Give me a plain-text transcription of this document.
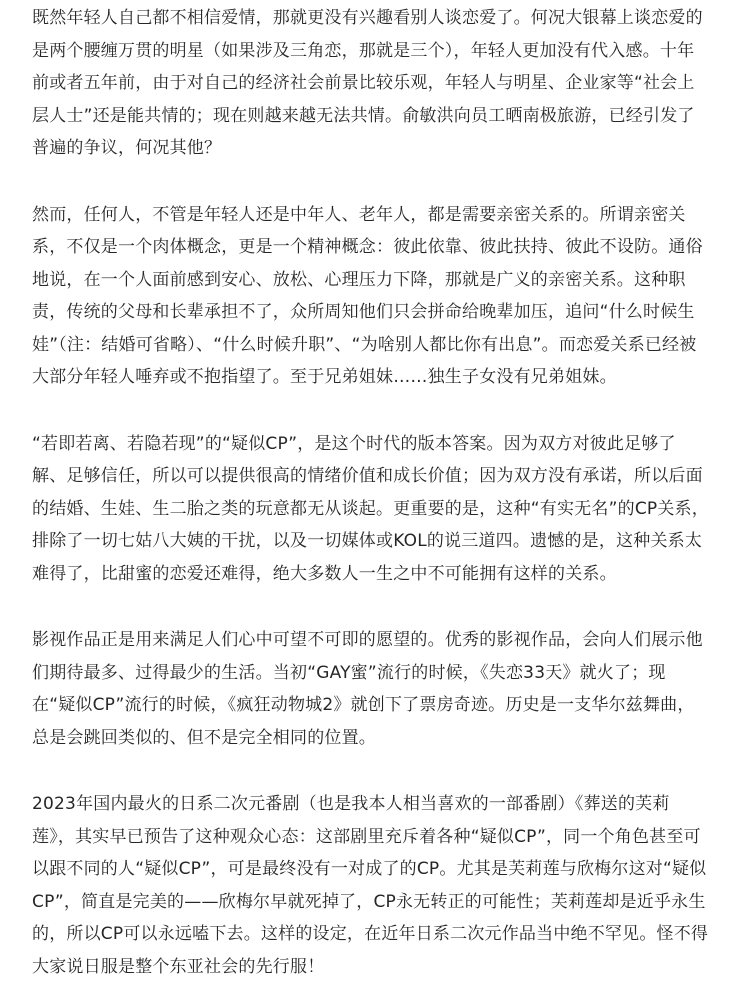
既然年轻人自己都不相信爱情，那就更没有兴趣看别人谈恋爱了。何况大银幕上谈恋爱的是两个腰缠万贯的明星（如果涉及三角恋，那就是三个），年轻人更加没有代入感。十年前或者五年前，由于对自己的经济社会前景比较乐观，年轻人与明星、企业家等“社会上层人士”还是能共情的；现在则越来越无法共情。俞敏洪向员工晒南极旅游，已经引发了普遍的争议，何况其他？

然而，任何人，不管是年轻人还是中年人、老年人，都是需要亲密关系的。所谓亲密关系，不仅是一个肉体概念，更是一个精神概念：彼此依靠、彼此扶持、彼此不设防。通俗地说，在一个人面前感到安心、放松、心理压力下降，那就是广义的亲密关系。这种职责，传统的父母和长辈承担不了，众所周知他们只会拼命给晚辈加压，追问“什么时候生娃”（注：结婚可省略）、“什么时候升职”、“为啥别人都比你有出息”。而恋爱关系已经被大部分年轻人唾弃或不抱指望了。至于兄弟姐妹……独生子女没有兄弟姐妹。

“若即若离、若隐若现”的“疑似CP”，是这个时代的版本答案。因为双方对彼此足够了解、足够信任，所以可以提供很高的情绪价值和成长价值；因为双方没有承诺，所以后面的结婚、生娃、生二胎之类的玩意都无从谈起。更重要的是，这种“有实无名”的CP关系，排除了一切七姑八大姨的干扰，以及一切媒体或KOL的说三道四。遗憾的是，这种关系太难得了，比甜蜜的恋爱还难得，绝大多数人一生之中不可能拥有这样的关系。

影视作品正是用来满足人们心中可望不可即的愿望的。优秀的影视作品，会向人们展示他们期待最多、过得最少的生活。当初“GAY蜜”流行的时候，《失恋33天》就火了；现在“疑似CP”流行的时候，《疯狂动物城2》就创下了票房奇迹。历史是一支华尔兹舞曲，总是会跳回类似的、但不是完全相同的位置。

2023年国内最火的日系二次元番剧（也是我本人相当喜欢的一部番剧）《葬送的芙莉莲》，其实早已预告了这种观众心态：这部剧里充斥着各种“疑似CP”，同一个角色甚至可以跟不同的人“疑似CP”，可是最终没有一对成了的CP。尤其是芙莉莲与欣梅尔这对“疑似CP”，简直是完美的——欣梅尔早就死掉了，CP永无转正的可能性；芙莉莲却是近乎永生的，所以CP可以永远嗑下去。这样的设定，在近年日系二次元作品当中绝不罕见。怪不得大家说日服是整个东亚社会的先行服！
